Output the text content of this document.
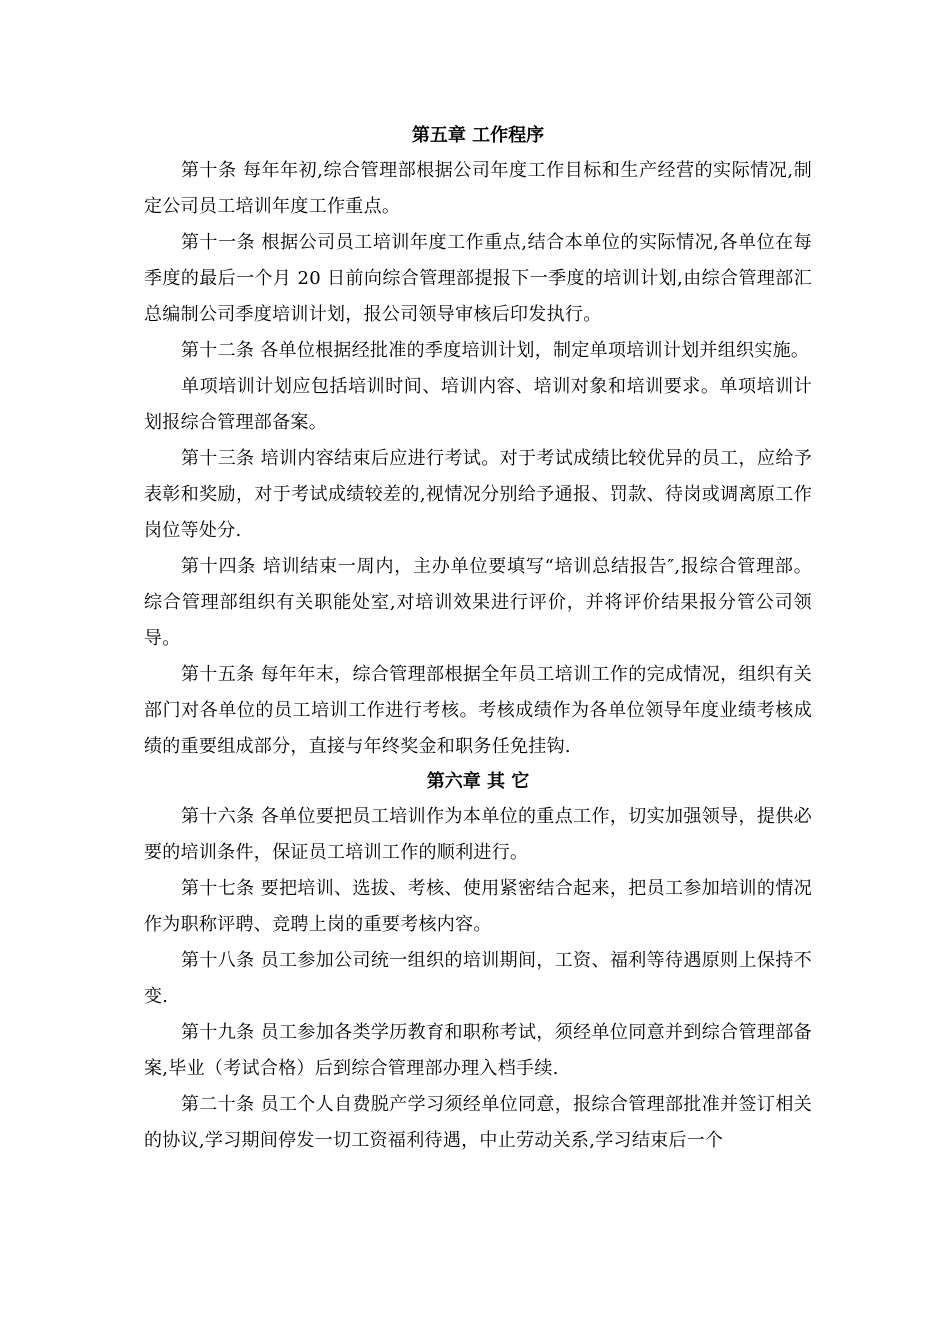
第五章 工作程序

第十条 每年年初,综合管理部根据公司年度工作目标和生产经营的实际情况,制定公司员工培训年度工作重点。

第十一条 根据公司员工培训年度工作重点,结合本单位的实际情况,各单位在每季度的最后一个月 20 日前向综合管理部提报下一季度的培训计划,由综合管理部汇总编制公司季度培训计划，报公司领导审核后印发执行。

第十二条 各单位根据经批准的季度培训计划，制定单项培训计划并组织实施。

单项培训计划应包括培训时间、培训内容、培训对象和培训要求。单项培训计划报综合管理部备案。

第十三条 培训内容结束后应进行考试。对于考试成绩比较优异的员工，应给予表彰和奖励，对于考试成绩较差的,视情况分别给予通报、罚款、待岗或调离原工作岗位等处分.

第十四条 培训结束一周内，主办单位要填写“培训总结报告″,报综合管理部。综合管理部组织有关职能处室,对培训效果进行评价，并将评价结果报分管公司领导。

第十五条 每年年末，综合管理部根据全年员工培训工作的完成情况，组织有关部门对各单位的员工培训工作进行考核。考核成绩作为各单位领导年度业绩考核成绩的重要组成部分，直接与年终奖金和职务任免挂钩.

第六章 其 它

第十六条 各单位要把员工培训作为本单位的重点工作，切实加强领导，提供必要的培训条件，保证员工培训工作的顺利进行。

第十七条 要把培训、选拔、考核、使用紧密结合起来，把员工参加培训的情况作为职称评聘、竞聘上岗的重要考核内容。

第十八条 员工参加公司统一组织的培训期间，工资、福利等待遇原则上保持不变.

第十九条 员工参加各类学历教育和职称考试，须经单位同意并到综合管理部备案,毕业（考试合格）后到综合管理部办理入档手续.

第二十条 员工个人自费脱产学习须经单位同意，报综合管理部批准并签订相关的协议,学习期间停发一切工资福利待遇，中止劳动关系,学习结束后一个
